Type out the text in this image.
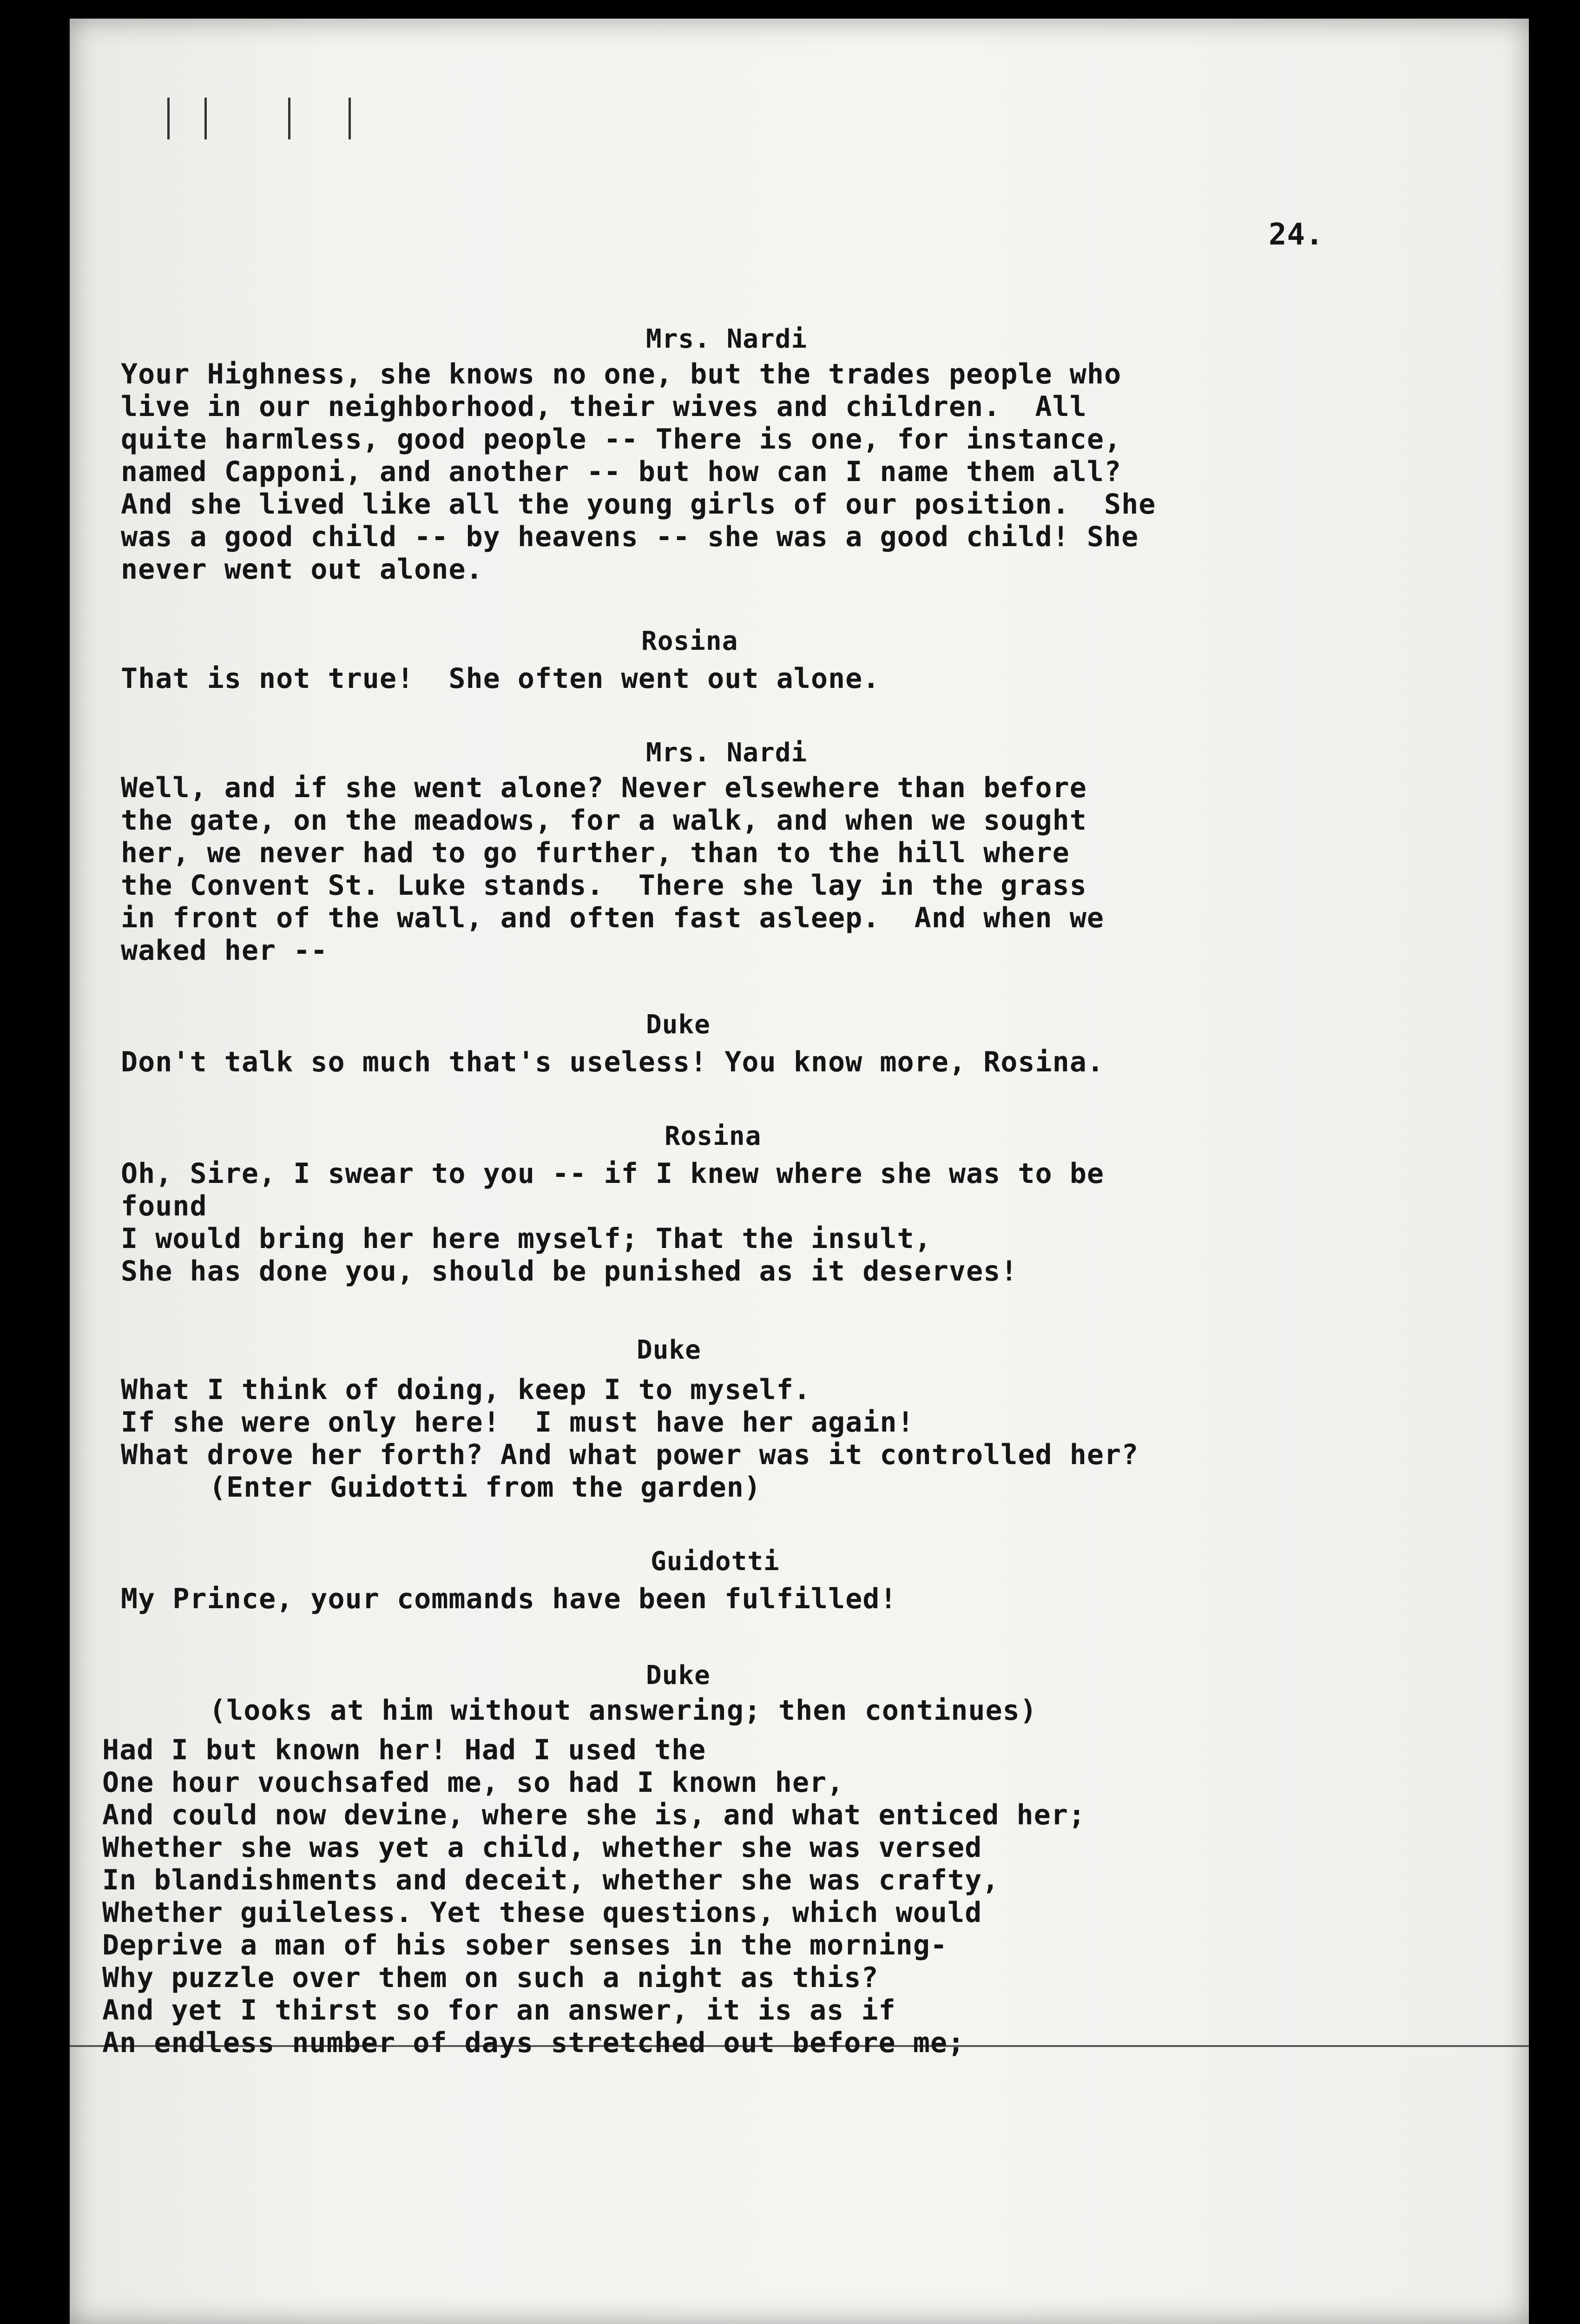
24.
Mrs. Nardi
Your Highness, she knows no one, but the trades people who
live in our neighborhood, their wives and children.  All
quite harmless, good people -- There is one, for instance,
named Capponi, and another -- but how can I name them all?
And she lived like all the young girls of our position.  She
was a good child -- by heavens -- she was a good child! She
never went out alone.
Rosina
That is not true!  She often went out alone.
Mrs. Nardi
Well, and if she went alone? Never elsewhere than before
the gate, on the meadows, for a walk, and when we sought
her, we never had to go further, than to the hill where
the Convent St. Luke stands.  There she lay in the grass
in front of the wall, and often fast asleep.  And when we
waked her --
Duke
Don't talk so much that's useless! You know more, Rosina.
Rosina
Oh, Sire, I swear to you -- if I knew where she was to be
found
I would bring her here myself; That the insult,
She has done you, should be punished as it deserves!
Duke
What I think of doing, keep I to myself.
If she were only here!  I must have her again!
What drove her forth? And what power was it controlled her?
(Enter Guidotti from the garden)
Guidotti
My Prince, your commands have been fulfilled!
Duke
(looks at him without answering; then continues)
Had I but known her! Had I used the
One hour vouchsafed me, so had I known her,
And could now devine, where she is, and what enticed her;
Whether she was yet a child, whether she was versed
In blandishments and deceit, whether she was crafty,
Whether guileless. Yet these questions, which would
Deprive a man of his sober senses in the morning-
Why puzzle over them on such a night as this?
And yet I thirst so for an answer, it is as if
An endless number of days stretched out before me;
